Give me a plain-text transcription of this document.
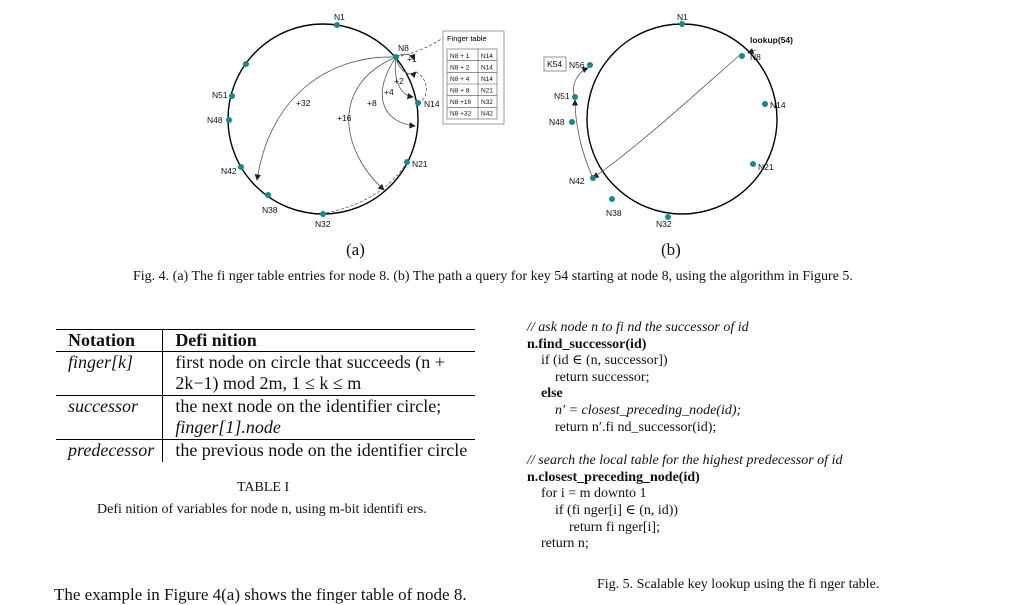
N1
N8
N14
N21
N32
N38
N42
N48
N51
+1
+2
+4
+8
+16
+32
Finger table
N8 + 1 N14
N8 + 2 N14
N8 + 4 N14
N8 + 8 N21
N8 +16 N32
N8 +32 N42
N1
N8
N14
N21
N32
N38
N42
N48
N51
N56
lookup(54)
K54
(a)	(b)
Fig. 4. (a) The fi nger table entries for node 8. (b) The path a query for key 54 starting at node 8, using the algorithm in Figure 5.
Notation	Defi nition
finger[k]	first node on circle that succeeds (n +
2k−1) mod 2m, 1 ≤ k ≤ m

successor	the next node on the identifier circle;
finger[1].node

predecessor	the previous node on the identifier circle
TABLE I
Defi nition of variables for node n, using m-bit identifi ers.
// ask node n to fi nd the successor of id
n.find_successor(id)
if (id ∈ (n, successor])
return successor;
else
n′ = closest_preceding_node(id);
return n′.fi nd_successor(id);
// search the local table for the highest predecessor of id
n.closest_preceding_node(id)
for i = m downto 1
if (fi nger[i] ∈ (n, id))
return fi nger[i];
return n;
Fig. 5. Scalable key lookup using the fi nger table.
The example in Figure 4(a) shows the finger table of node 8.
